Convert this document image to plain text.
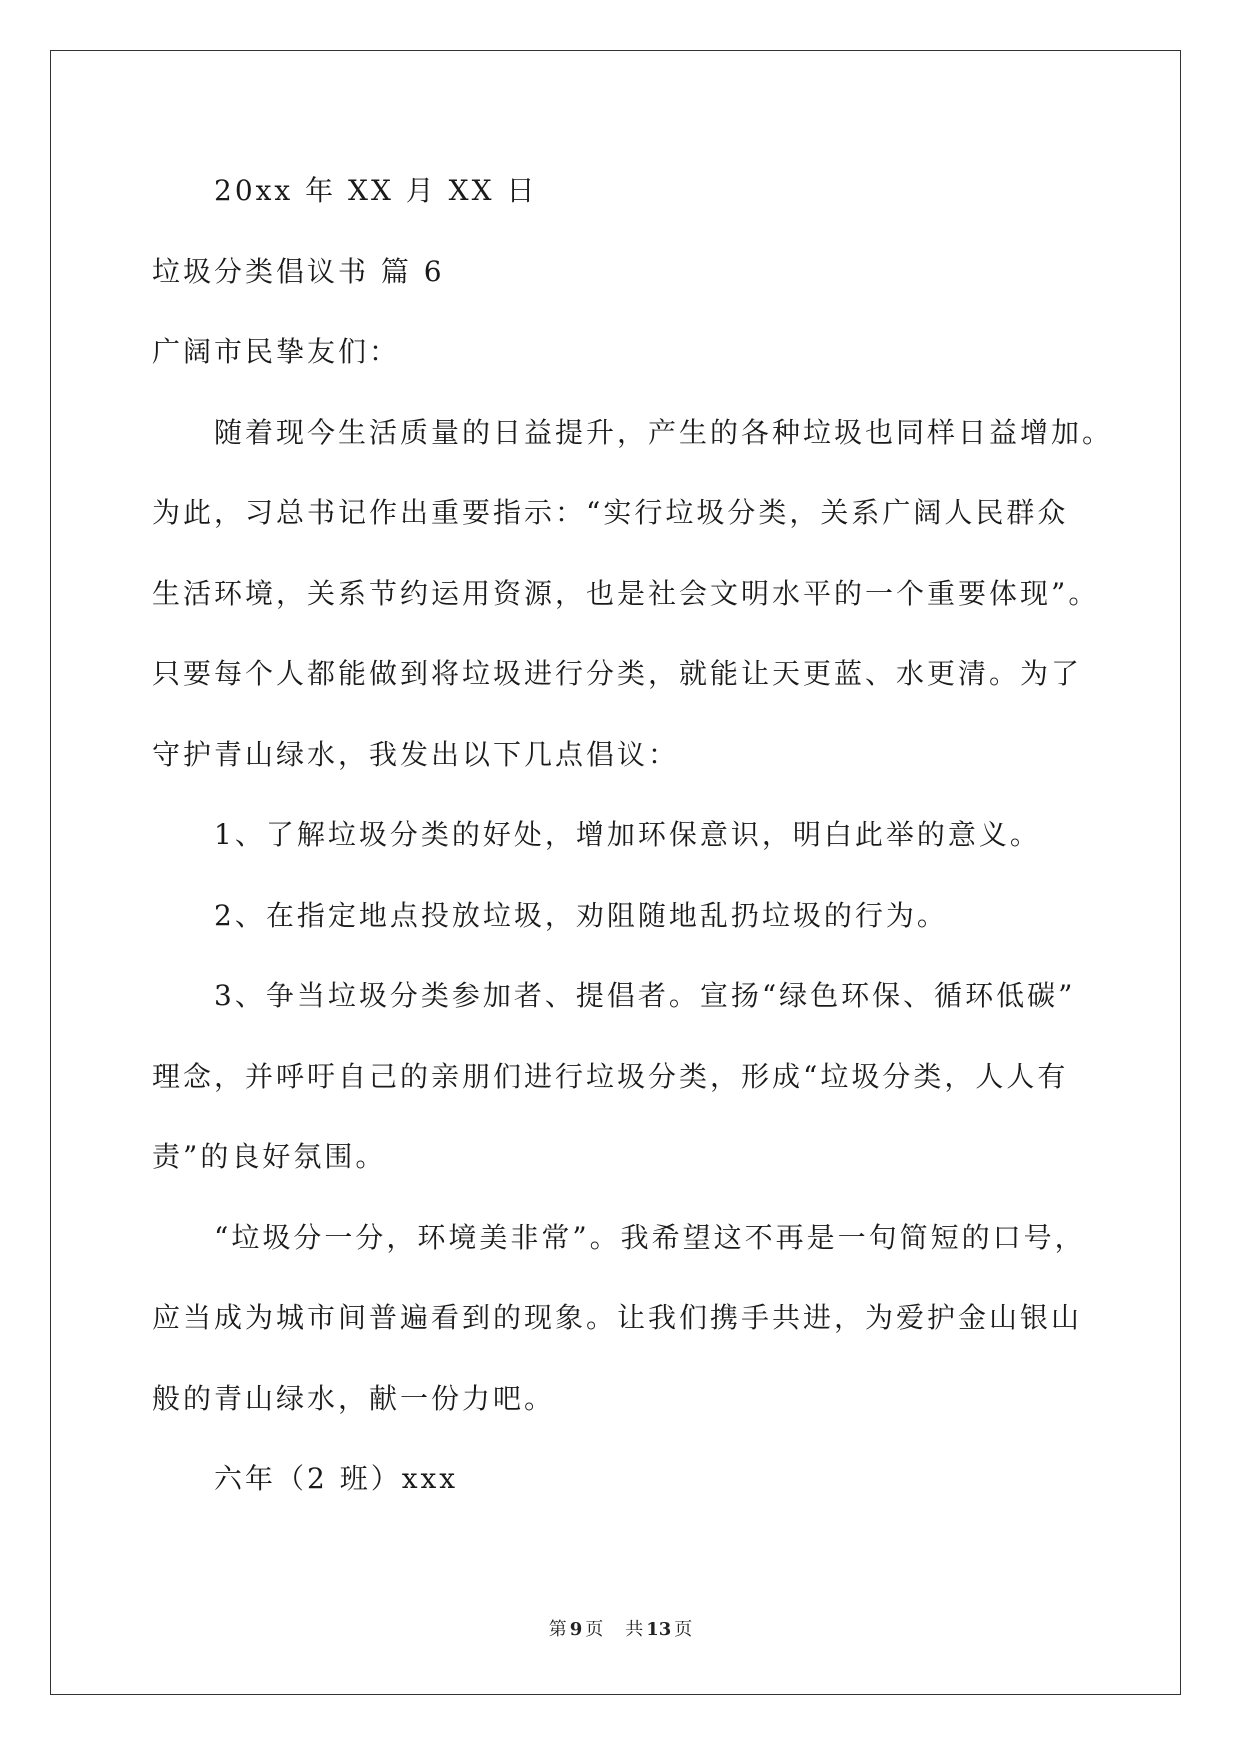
20xx 年 XX 月 XX 日
垃圾分类倡议书 篇 6
广阔市民挚友们：
随着现今生活质量的日益提升，产生的各种垃圾也同样日益增加。
为此，习总书记作出重要指示：“实行垃圾分类，关系广阔人民群众
生活环境，关系节约运用资源，也是社会文明水平的一个重要体现”。
只要每个人都能做到将垃圾进行分类，就能让天更蓝、水更清。为了
守护青山绿水，我发出以下几点倡议：
1、了解垃圾分类的好处，增加环保意识，明白此举的意义。
2、在指定地点投放垃圾，劝阻随地乱扔垃圾的行为。
3、争当垃圾分类参加者、提倡者。宣扬“绿色环保、循环低碳”
理念，并呼吁自己的亲朋们进行垃圾分类，形成“垃圾分类，人人有
责”的良好氛围。
“垃圾分一分，环境美非常”。我希望这不再是一句简短的口号，
应当成为城市间普遍看到的现象。让我们携手共进，为爱护金山银山
般的青山绿水，献一份力吧。
六年（2 班）xxx
第 9 页 共 13 页
